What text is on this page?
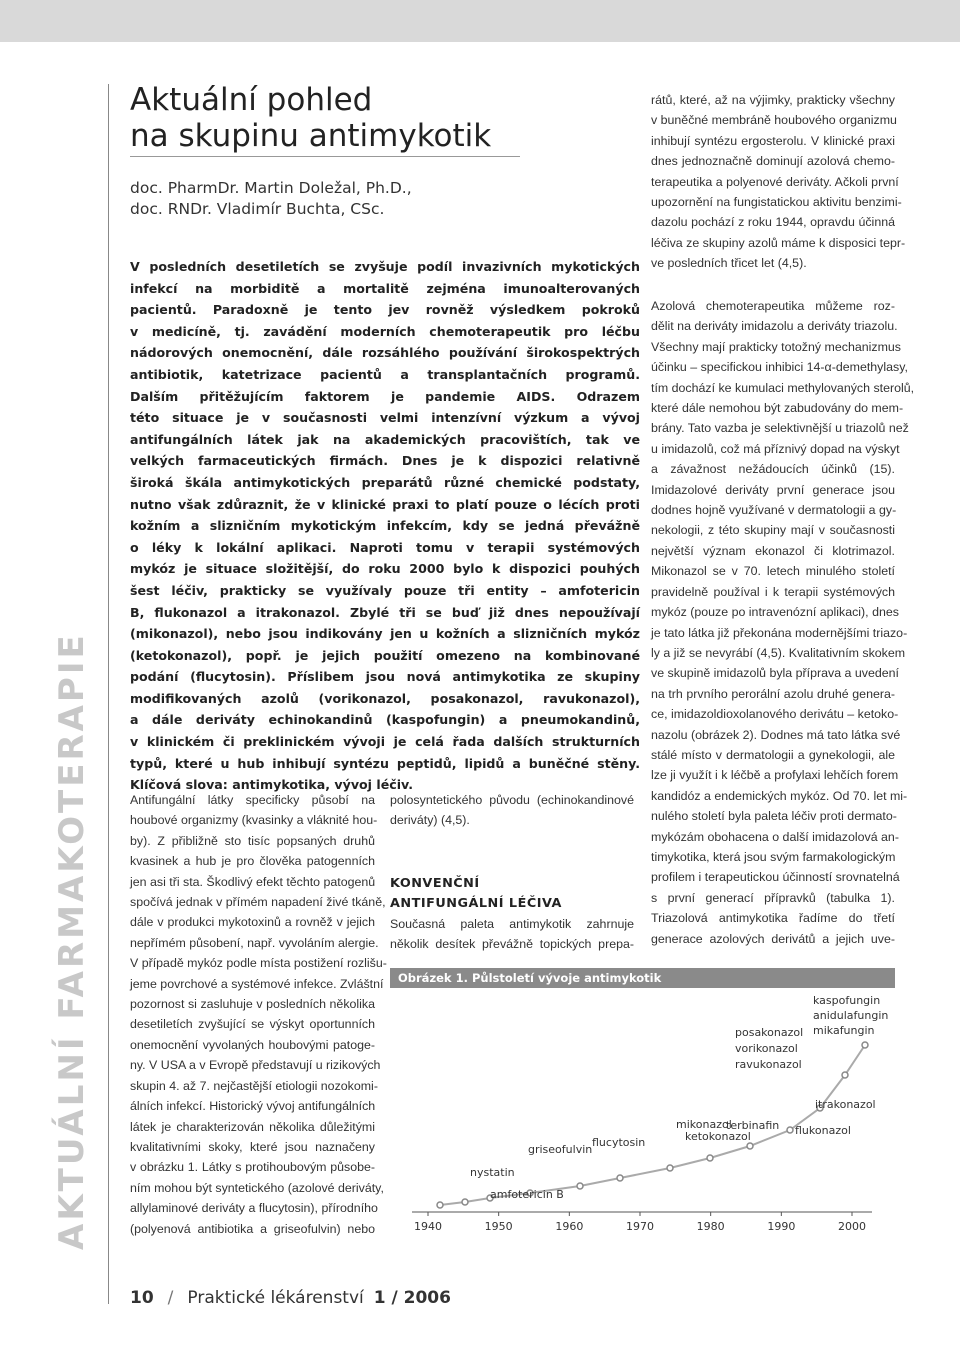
AKTUÁLNÍ FARMAKOTERAPIE
Aktuální pohled
na skupinu antimykotik
doc. PharmDr. Martin Doležal, Ph.D.,
doc. RNDr. Vladimír Buchta, CSc.
V posledních desetiletích se zvyšuje podíl invazivních mykotických
infekcí na morbiditě a mortalitě zejména imunoalterovaných
pacientů. Paradoxně je tento jev rovněž výsledkem pokroků
v medicíně, tj. zavádění moderních chemoterapeutik pro léčbu
nádorových onemocnění, dále rozsáhlého používání širokospektrých
antibiotik, katetrizace pacientů a transplantačních programů.
Dalším přitěžujícím faktorem je pandemie AIDS. Odrazem
této situace je v současnosti velmi intenzívní výzkum a vývoj
antifungálních látek jak na akademických pracovištích, tak ve
velkých farmaceutických firmách. Dnes je k dispozici relativně
široká škála antimykotických preparátů různé chemické podstaty,
nutno však zdůraznit, že v klinické praxi to platí pouze o lécích proti
kožním a slizničním mykotickým infekcím, kdy se jedná převážně
o léky k lokální aplikaci. Naproti tomu v terapii systémových
mykóz je situace složitější, do roku 2000 bylo k dispozici pouhých
šest léčiv, prakticky se využívaly pouze tři entity – amfotericin
B, flukonazol a itrakonazol. Zbylé tři se buď již dnes nepoužívají
(mikonazol), nebo jsou indikovány jen u kožních a slizničních mykóz
(ketokonazol), popř. je jejich použití omezeno na kombinované
podání (flucytosin). Příslibem jsou nová antimykotika ze skupiny
modifikovaných azolů (vorikonazol, posakonazol, ravukonazol),
a dále deriváty echinokandinů (kaspofungin) a pneumokandinů,
v klinickém či preklinickém vývoji je celá řada dalších strukturních
typů, které u hub inhibují syntézu peptidů, lipidů a buněčné stěny.
Klíčová slova: antimykotika, vývoj léčiv.
Antifungální látky specificky působí na
houbové organizmy (kvasinky a vláknité hou-
by). Z přibližně sto tisíc popsaných druhů
kvasinek a hub je pro člověka patogenních
jen asi tři sta. Škodlivý efekt těchto patogenů
spočívá jednak v přímém napadení živé tkáně,
dále v produkci mykotoxinů a rovněž v jejich
nepřímém působení, např. vyvoláním alergie.
V případě mykóz podle místa postižení rozlišu-
jeme povrchové a systémové infekce. Zvláštní
pozornost si zasluhuje v posledních několika
desetiletích zvyšující se výskyt oportunních
onemocnění vyvolaných houbovými patoge-
ny. V USA a v Evropě představují u rizikových
skupin 4. až 7. nejčastější etiologii nozokomi-
álních infekcí. Historický vývoj antifungálních
látek je charakterizován několika důležitými
kvalitativními skoky, které jsou naznačeny
v obrázku 1. Látky s protihoubovým působe-
ním mohou být syntetického (azolové deriváty,
allylaminové deriváty a flucytosin), přírodního
(polyenová antibiotika a griseofulvin) nebo
polosyntetického původu (echinokandinové
deriváty) (4,5).
KONVENČNÍ
ANTIFUNGÁLNÍ LÉČIVA
Současná paleta antimykotik zahrnuje
několik desítek převážně topických prepa-
rátů, které, až na výjimky, prakticky všechny
v buněčné membráně houbového organizmu
inhibují syntézu ergosterolu. V klinické praxi
dnes jednoznačně dominují azolová chemo-
terapeutika a polyenové deriváty. Ačkoli první
upozornění na fungistatickou aktivitu benzimi-
dazolu pochází z roku 1944, opravdu účinná
léčiva ze skupiny azolů máme k disposici tepr-
ve posledních třicet let (4,5).
Azolová chemoterapeutika můžeme roz-
dělit na deriváty imidazolu a deriváty triazolu.
Všechny mají prakticky totožný mechanizmus
účinku – specifickou inhibici 14-α-demethylasy,
tím dochází ke kumulaci methylovaných sterolů,
které dále nemohou být zabudovány do mem-
brány. Tato vazba je selektivnější u triazolů než
u imidazolů, což má příznivý dopad na výskyt
a závažnost nežádoucích účinků (15).
Imidazolové deriváty první generace jsou
dodnes hojně využívané v dermatologii a gy-
nekologii, z této skupiny mají v současnosti
největší význam ekonazol či klotrimazol.
Mikonazol se v 70. letech minulého století
pravidelně používal i k terapii systémových
mykóz (pouze po intravenózní aplikaci), dnes
je tato látka již překonána modernějšími triazo-
ly a již se nevyrábí (4,5). Kvalitativním skokem
ve skupině imidazolů byla příprava a uvedení
na trh prvního perorální azolu druhé genera-
ce, imidazoldioxolanového derivátu – ketoko-
nazolu (obrázek 2). Dodnes má tato látka své
stálé místo v dermatologii a gynekologii, ale
lze ji využít i k léčbě a profylaxi lehčích forem
kandidóz a endemických mykóz. Od 70. let mi-
nulého století byla paleta léčiv proti dermato-
mykózám obohacena o další imidazolová an-
timykotika, která jsou svým farmakologickým
profilem i terapeutickou účinností srovnatelná
s první generací přípravků (tabulka 1).
Triazolová antimykotika řadíme do třetí
generace azolových derivátů a jejich uve-
Obrázek 1. Půlstoletí vývoje antimykotik
1940	1950	1960	1970	1980	1990	2000
nystatin
amfotericin B
griseofulvin
flucytosin	ketokonazol
mikonazol
terbinafin flukonazol
itrakonazol
posakonazol
vorikonazol
ravukonazol
kaspofungin
anidulafungin
mikafungin
10 / Praktické lékárenství 1 / 2006
